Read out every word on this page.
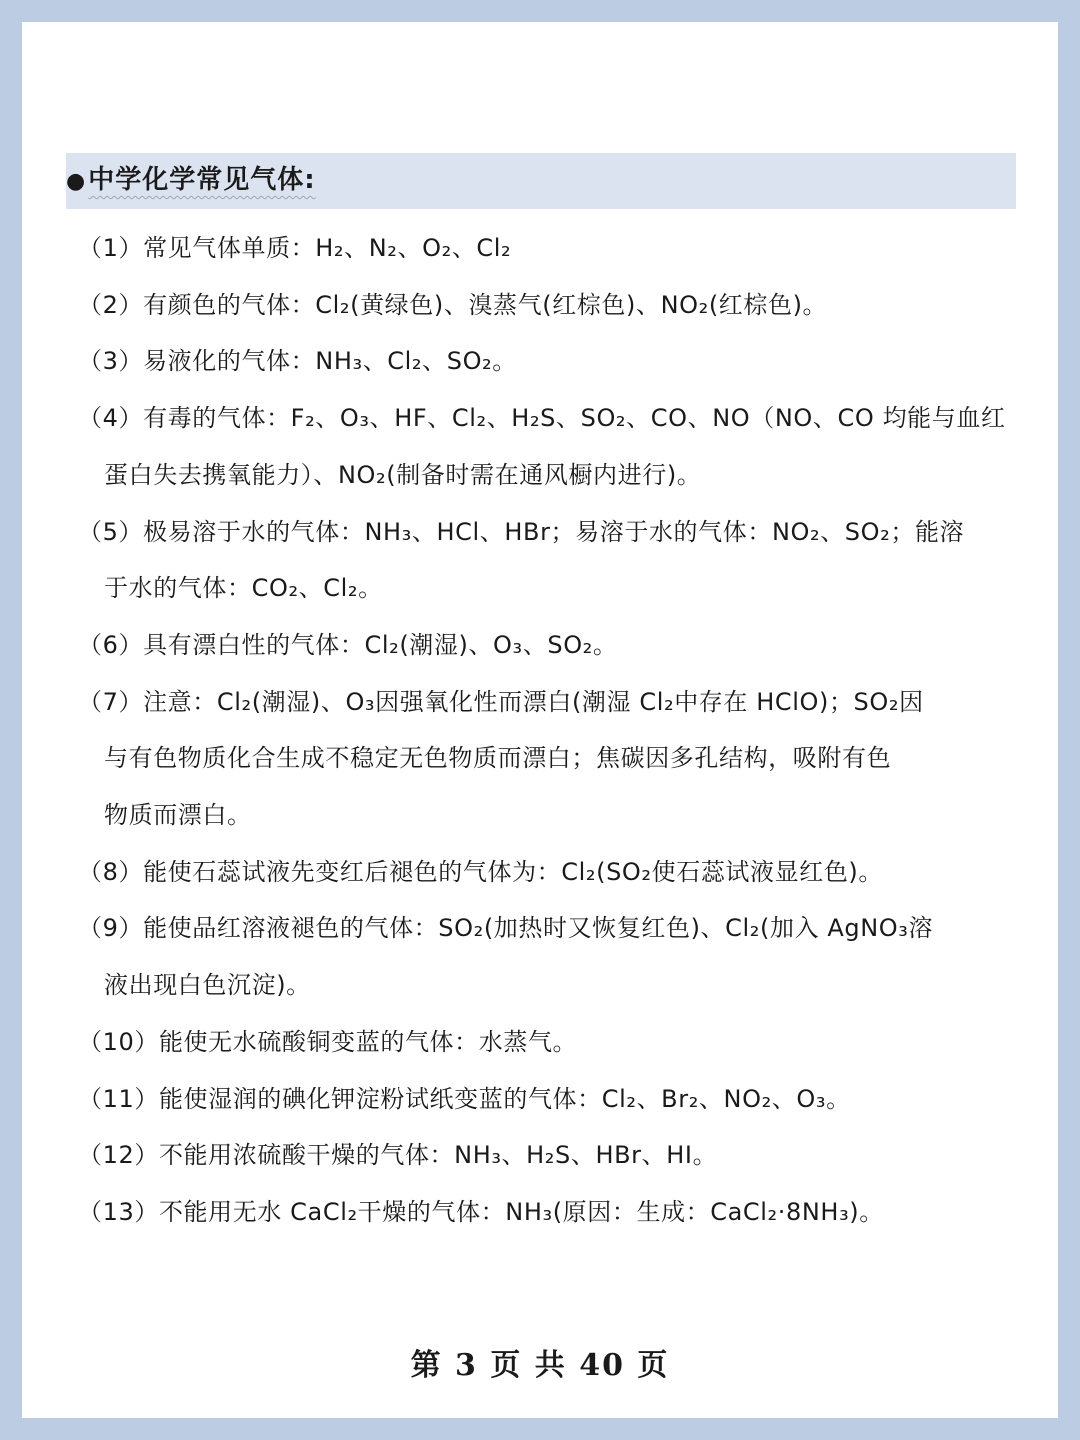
●中学化学常见气体:
（1）常见气体单质：H₂、N₂、O₂、Cl₂
（2）有颜色的气体：Cl₂(黄绿色)、溴蒸气(红棕色)、NO₂(红棕色)。
（3）易液化的气体：NH₃、Cl₂、SO₂。
（4）有毒的气体：F₂、O₃、HF、Cl₂、H₂S、SO₂、CO、NO（NO、CO 均能与血红
蛋白失去携氧能力）、NO₂(制备时需在通风橱内进行)。
（5）极易溶于水的气体：NH₃、HCl、HBr；易溶于水的气体：NO₂、SO₂；能溶
于水的气体：CO₂、Cl₂。
（6）具有漂白性的气体：Cl₂(潮湿)、O₃、SO₂。
（7）注意：Cl₂(潮湿)、O₃因强氧化性而漂白(潮湿 Cl₂中存在 HClO)；SO₂因
与有色物质化合生成不稳定无色物质而漂白；焦碳因多孔结构，吸附有色
物质而漂白。
（8）能使石蕊试液先变红后褪色的气体为：Cl₂(SO₂使石蕊试液显红色)。
（9）能使品红溶液褪色的气体：SO₂(加热时又恢复红色)、Cl₂(加入 AgNO₃溶
液出现白色沉淀)。
（10）能使无水硫酸铜变蓝的气体：水蒸气。
（11）能使湿润的碘化钾淀粉试纸变蓝的气体：Cl₂、Br₂、NO₂、O₃。
（12）不能用浓硫酸干燥的气体：NH₃、H₂S、HBr、HI。
（13）不能用无水 CaCl₂干燥的气体：NH₃(原因：生成：CaCl₂·8NH₃)。
第 3 页 共 40 页
